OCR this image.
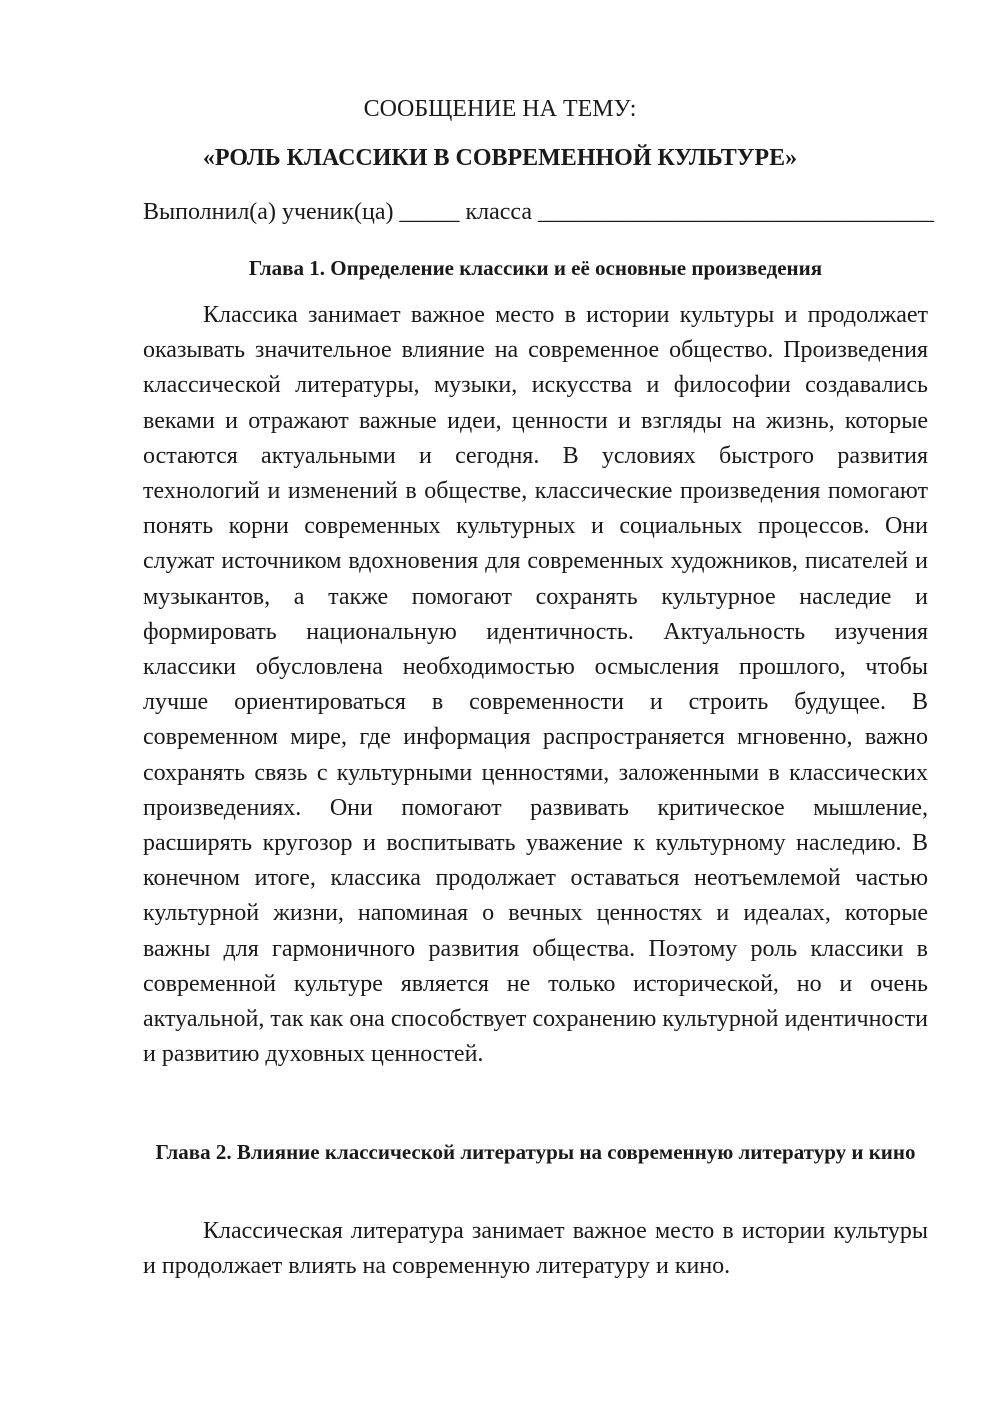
СООБЩЕНИЕ НА ТЕМУ:
«РОЛЬ КЛАССИКИ В СОВРЕМЕННОЙ КУЛЬТУРЕ»

Выполнил(а) ученик(ца) _____ класса _________________________________

Глава 1. Определение классики и её основные произведения

Классика занимает важное место в истории культуры и продолжает оказывать значительное влияние на современное общество. Произведения классической литературы, музыки, искусства и философии создавались веками и отражают важные идеи, ценности и взгляды на жизнь, которые остаются актуальными и сегодня. В условиях быстрого развития технологий и изменений в обществе, классические произведения помогают понять корни современных культурных и социальных процессов. Они служат источником вдохновения для современных художников, писателей и музыкантов, а также помогают сохранять культурное наследие и формировать национальную идентичность. Актуальность изучения классики обусловлена необходимостью осмысления прошлого, чтобы лучше ориентироваться в современности и строить будущее. В современном мире, где информация распространяется мгновенно, важно сохранять связь с культурными ценностями, заложенными в классических произведениях. Они помогают развивать критическое мышление, расширять кругозор и воспитывать уважение к культурному наследию. В конечном итоге, классика продолжает оставаться неотъемлемой частью культурной жизни, напоминая о вечных ценностях и идеалах, которые важны для гармоничного развития общества. Поэтому роль классики в современной культуре является не только исторической, но и очень актуальной, так как она способствует сохранению культурной идентичности и развитию духовных ценностей.

Глава 2. Влияние классической литературы на современную литературу и кино

Классическая литература занимает важное место в истории культуры и продолжает влиять на современную литературу и кино.
